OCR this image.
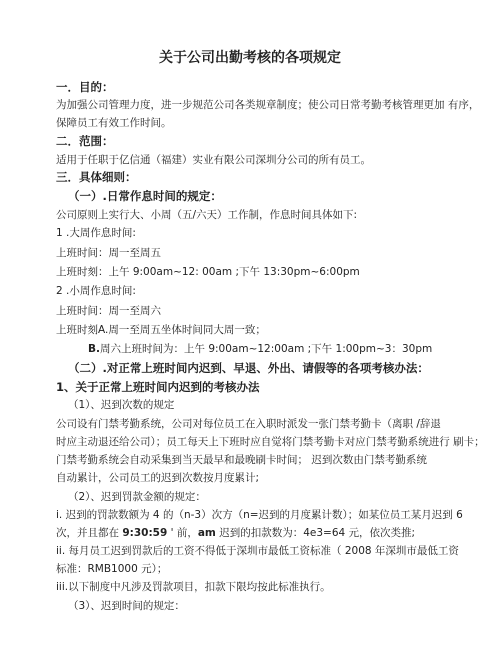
关于公司出勤考核的各项规定
一．目的：
为加强公司管理力度，进一步规范公司各类规章制度；使公司日常考勤考核管理更加 有序，
保障员工有效工作时间。
二．范围：
适用于任职于亿信通（福建）实业有限公司深圳分公司的所有员工。
三．具体细则：
（一）.日常作息时间的规定：
公司原则上实行大、小周（五/六天）工作制，作息时间具体如下:
1 .大周作息时间:
上班时间：周一至周五
上班时刻：上午 9:00am~12: 00am ;下午 13:30pm~6:00pm
2 .小周作息时间:
上班时间：周一至周六
上班时刻A.周一至周五坐体时间同大周一致；
B.周六上班时间为：上午 9:00am~12:00am ;下午 1:00pm~3：30pm
（二）.对正常上班时间内迟到、早退、外出、请假等的各项考核办法：
1、关于正常上班时间内迟到的考核办法
（1）、迟到次数的规定
公司设有门禁考勤系统，公司对每位员工在入职时派发一张门禁考勤卡（离职 /辞退
时应主动退还给公司）；员工每天上下班时应自觉将门禁考勤卡对应门禁考勤系统进行 刷卡；
门禁考勤系统会自动采集到当天最早和最晚刷卡时间； 迟到次数由门禁考勤系统
自动累计，公司员工的迟到次数按月度累计;
（2）、迟到罚款金额的规定：
i. 迟到的罚款数额为 4 的（n-3）次方（n=迟到的月度累计数）；如某位员工某月迟到 6
次，并且都在 9:30:59 ' 前，am 迟到的扣款数为：4e3=64 元，依次类推;
ii. 每月员工迟到罚款后的工资不得低于深圳市最低工资标准（ 2008 年深圳市最低工资
标准：RMB1000 元）；
iii.以下制度中凡涉及罚款项目，扣款下限均按此标准执行。
（3）、迟到时间的规定：
